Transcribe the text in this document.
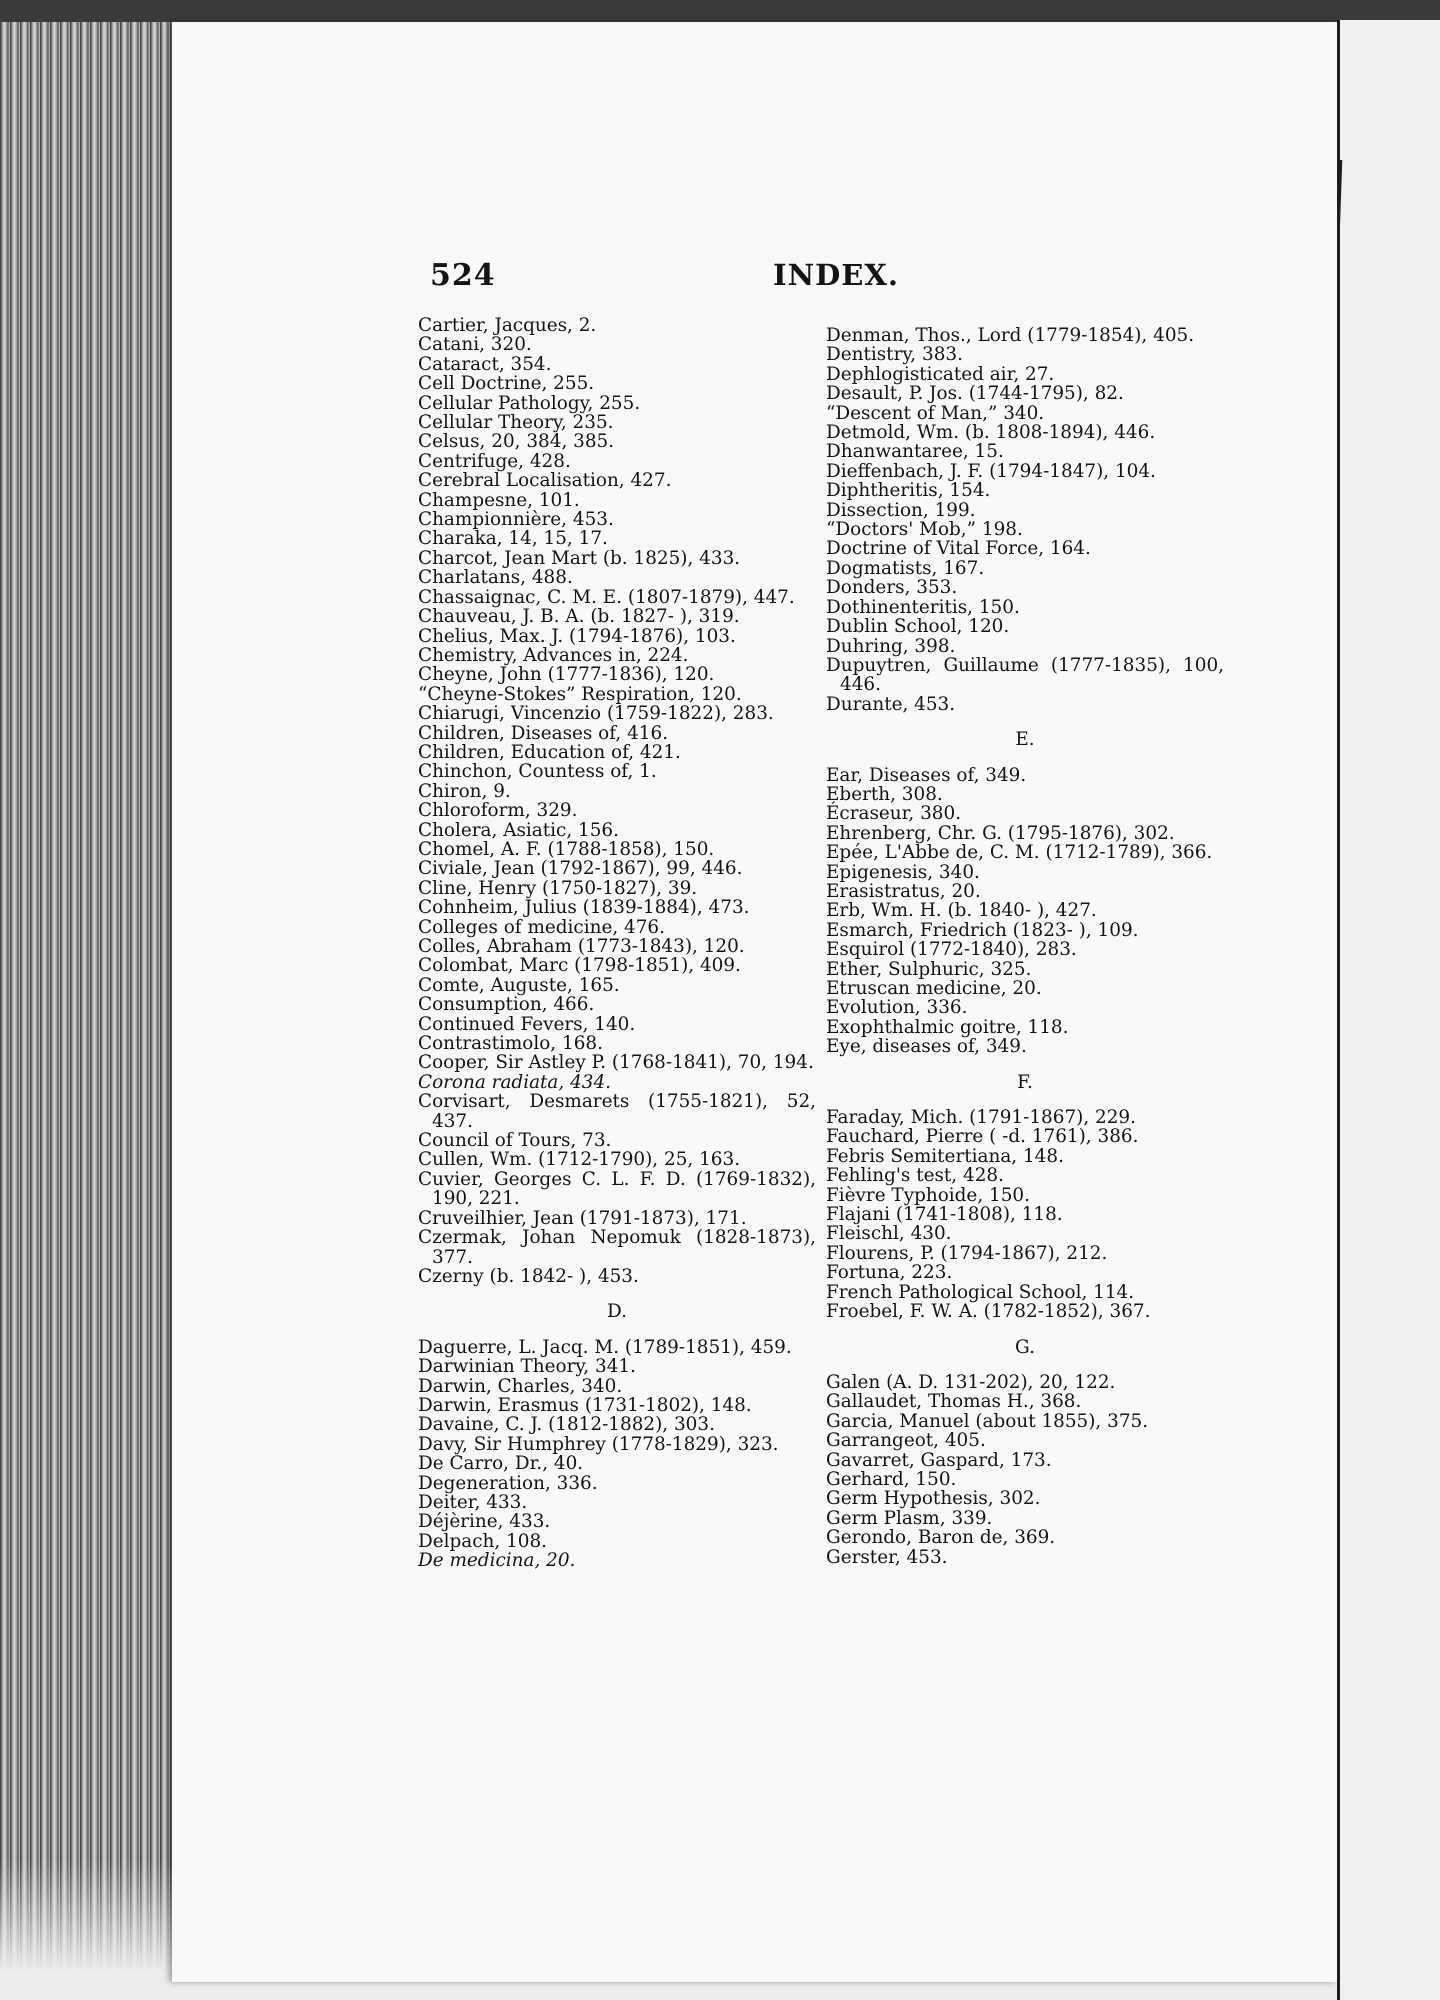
524	INDEX.
Cartier, Jacques, 2.
Catani, 320.
Cataract, 354.
Cell Doctrine, 255.
Cellular Pathology, 255.
Cellular Theory, 235.
Celsus, 20, 384, 385.
Centrifuge, 428.
Cerebral Localisation, 427.
Champesne, 101.
Championnière, 453.
Charaka, 14, 15, 17.
Charcot, Jean Mart (b. 1825), 433.
Charlatans, 488.
Chassaignac, C. M. E. (1807-1879), 447.
Chauveau, J. B. A. (b. 1827- ), 319.
Chelius, Max. J. (1794-1876), 103.
Chemistry, Advances in, 224.
Cheyne, John (1777-1836), 120.
“Cheyne-Stokes” Respiration, 120.
Chiarugi, Vincenzio (1759-1822), 283.
Children, Diseases of, 416.
Children, Education of, 421.
Chinchon, Countess of, 1.
Chiron, 9.
Chloroform, 329.
Cholera, Asiatic, 156.
Chomel, A. F. (1788-1858), 150.
Civiale, Jean (1792-1867), 99, 446.
Cline, Henry (1750-1827), 39.
Cohnheim, Julius (1839-1884), 473.
Colleges of medicine, 476.
Colles, Abraham (1773-1843), 120.
Colombat, Marc (1798-1851), 409.
Comte, Auguste, 165.
Consumption, 466.
Continued Fevers, 140.
Contrastimolo, 168.
Cooper, Sir Astley P. (1768-1841), 70, 194.
Corona radiata, 434.
Corvisart, Desmarets (1755-1821), 52, 437.
Council of Tours, 73.
Cullen, Wm. (1712-1790), 25, 163.
Cuvier, Georges C. L. F. D. (1769-1832), 190, 221.
Cruveilhier, Jean (1791-1873), 171.
Czermak, Johan Nepomuk (1828-1873), 377.
Czerny (b. 1842- ), 453.
D.
Daguerre, L. Jacq. M. (1789-1851), 459.
Darwinian Theory, 341.
Darwin, Charles, 340.
Darwin, Erasmus (1731-1802), 148.
Davaine, C. J. (1812-1882), 303.
Davy, Sir Humphrey (1778-1829), 323.
De Carro, Dr., 40.
Degeneration, 336.
Deiter, 433.
Déjèrine, 433.
Delpach, 108.
De medicina, 20.
Denman, Thos., Lord (1779-1854), 405.
Dentistry, 383.
Dephlogisticated air, 27.
Desault, P. Jos. (1744-1795), 82.
“Descent of Man,” 340.
Detmold, Wm. (b. 1808-1894), 446.
Dhanwantaree, 15.
Dieffenbach, J. F. (1794-1847), 104.
Diphtheritis, 154.
Dissection, 199.
“Doctors' Mob,” 198.
Doctrine of Vital Force, 164.
Dogmatists, 167.
Donders, 353.
Dothinenteritis, 150.
Dublin School, 120.
Duhring, 398.
Dupuytren, Guillaume (1777-1835), 100, 446.
Durante, 453.
E.
Ear, Diseases of, 349.
Eberth, 308.
Écraseur, 380.
Ehrenberg, Chr. G. (1795-1876), 302.
Epée, L'Abbe de, C. M. (1712-1789), 366.
Epigenesis, 340.
Erasistratus, 20.
Erb, Wm. H. (b. 1840- ), 427.
Esmarch, Friedrich (1823- ), 109.
Esquirol (1772-1840), 283.
Ether, Sulphuric, 325.
Etruscan medicine, 20.
Evolution, 336.
Exophthalmic goitre, 118.
Eye, diseases of, 349.
F.
Faraday, Mich. (1791-1867), 229.
Fauchard, Pierre ( -d. 1761), 386.
Febris Semitertiana, 148.
Fehling's test, 428.
Fièvre Typhoide, 150.
Flajani (1741-1808), 118.
Fleischl, 430.
Flourens, P. (1794-1867), 212.
Fortuna, 223.
French Pathological School, 114.
Froebel, F. W. A. (1782-1852), 367.
G.
Galen (A. D. 131-202), 20, 122.
Gallaudet, Thomas H., 368.
Garcia, Manuel (about 1855), 375.
Garrangeot, 405.
Gavarret, Gaspard, 173.
Gerhard, 150.
Germ Hypothesis, 302.
Germ Plasm, 339.
Gerondo, Baron de, 369.
Gerster, 453.
